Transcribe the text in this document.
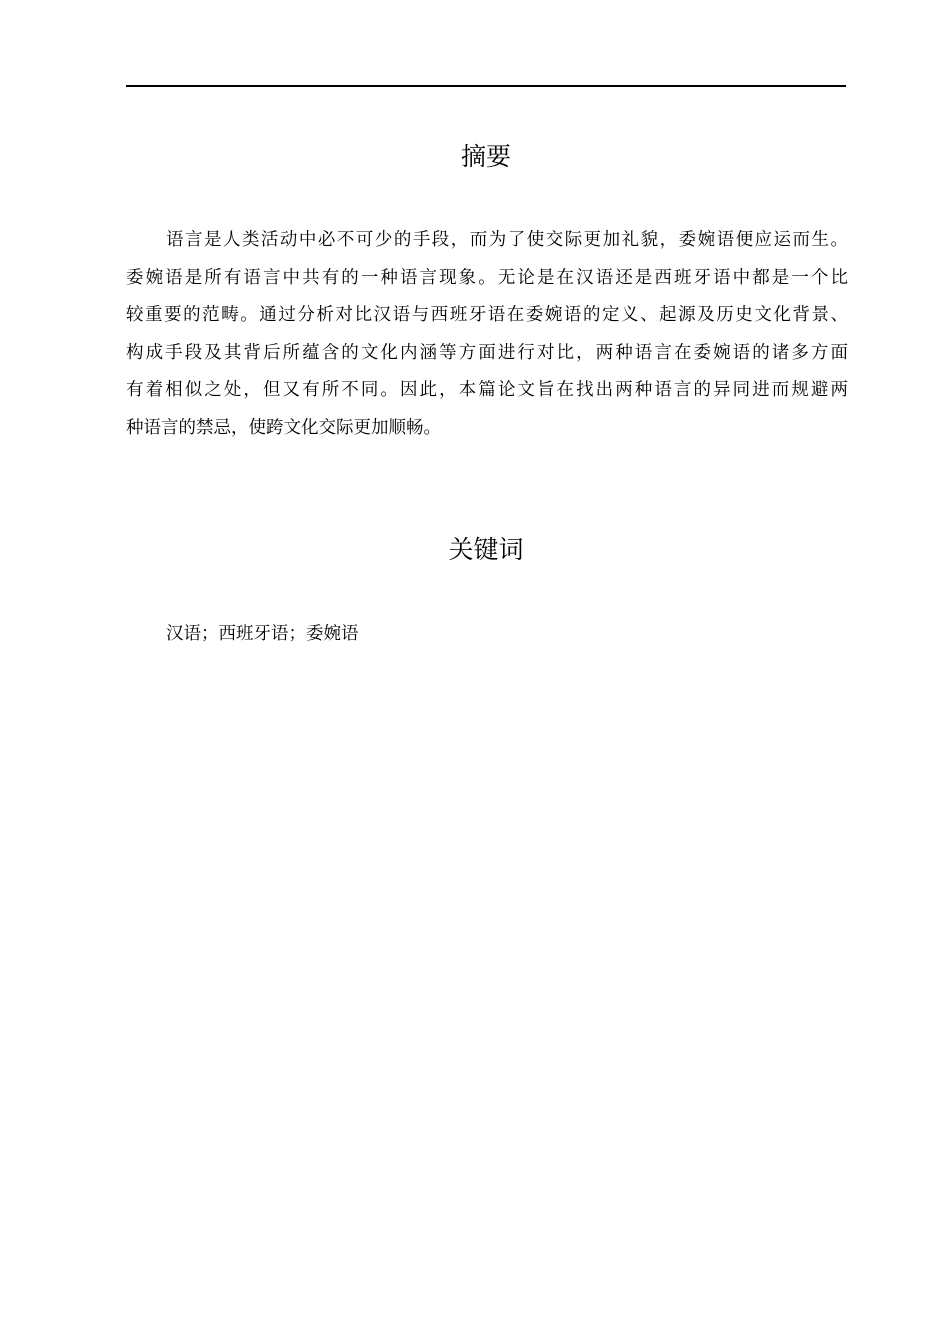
摘要
语言是人类活动中必不可少的手段，而为了使交际更加礼貌，委婉语便应运而生。
委婉语是所有语言中共有的一种语言现象。无论是在汉语还是西班牙语中都是一个比
较重要的范畴。通过分析对比汉语与西班牙语在委婉语的定义、起源及历史文化背景、
构成手段及其背后所蕴含的文化内涵等方面进行对比，两种语言在委婉语的诸多方面
有着相似之处，但又有所不同。因此，本篇论文旨在找出两种语言的异同进而规避两
种语言的禁忌，使跨文化交际更加顺畅。
关键词
汉语；西班牙语；委婉语
